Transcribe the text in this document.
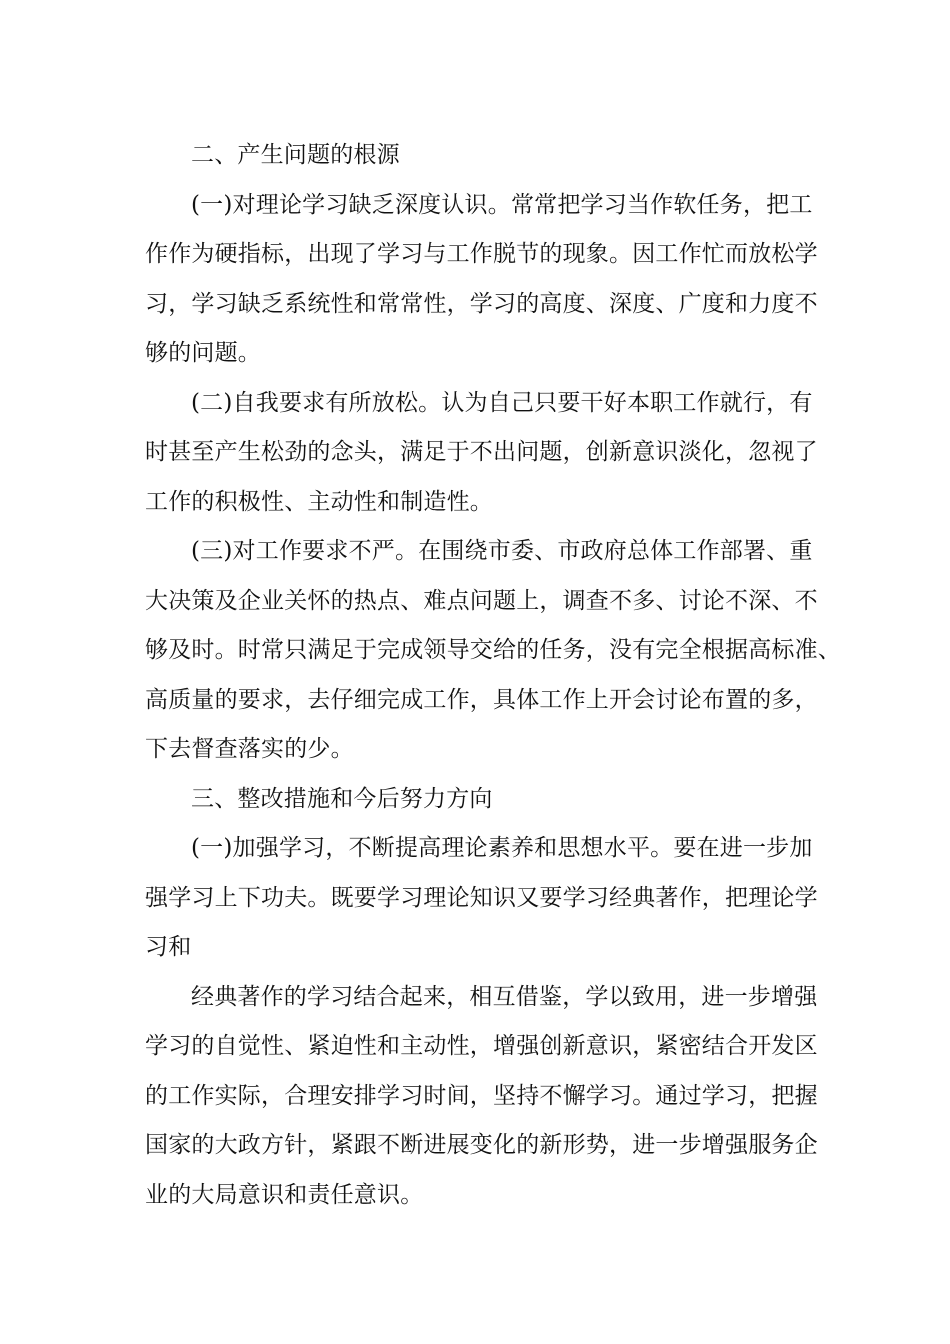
二、产生问题的根源
(一)对理论学习缺乏深度认识。常常把学习当作软任务，把工
作作为硬指标，出现了学习与工作脱节的现象。因工作忙而放松学
习，学习缺乏系统性和常常性，学习的高度、深度、广度和力度不
够的问题。
(二)自我要求有所放松。认为自己只要干好本职工作就行，有
时甚至产生松劲的念头，满足于不出问题，创新意识淡化，忽视了
工作的积极性、主动性和制造性。
(三)对工作要求不严。在围绕市委、市政府总体工作部署、重
大决策及企业关怀的热点、难点问题上，调查不多、讨论不深、不
够及时。时常只满足于完成领导交给的任务，没有完全根据高标准、
高质量的要求，去仔细完成工作，具体工作上开会讨论布置的多，
下去督查落实的少。
三、整改措施和今后努力方向
(一)加强学习，不断提高理论素养和思想水平。要在进一步加
强学习上下功夫。既要学习理论知识又要学习经典著作，把理论学
习和
经典著作的学习结合起来，相互借鉴，学以致用，进一步增强
学习的自觉性、紧迫性和主动性，增强创新意识，紧密结合开发区
的工作实际，合理安排学习时间，坚持不懈学习。通过学习，把握
国家的大政方针，紧跟不断进展变化的新形势，进一步增强服务企
业的大局意识和责任意识。
